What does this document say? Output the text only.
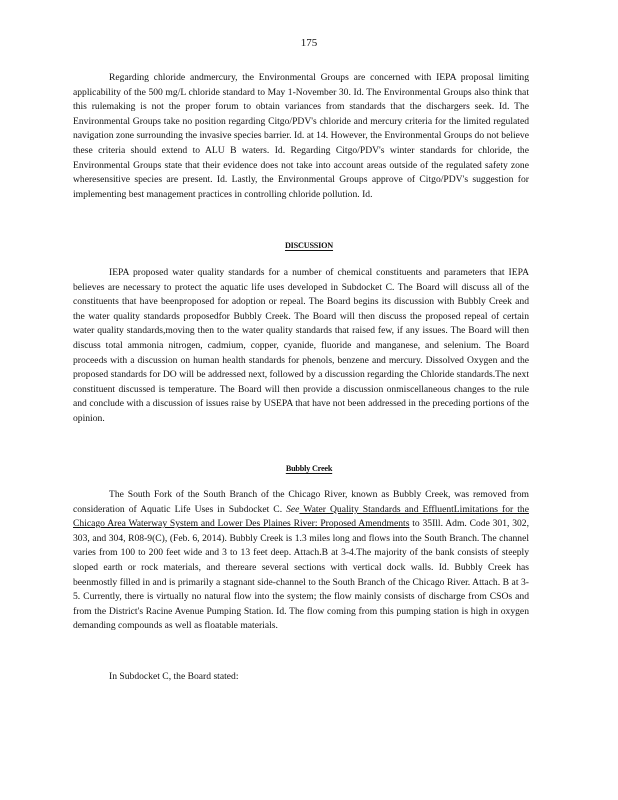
175

Regarding chloride andmercury, the Environmental Groups are concerned with IEPA proposal limiting applicability of the 500 mg/L chloride standard to May 1-November 30. Id. The Environmental Groups also think that this rulemaking is not the proper forum to obtain variances from standards that the dischargers seek. Id. The Environmental Groups take no position regarding Citgo/PDV's chloride and mercury criteria for the limited regulated navigation zone surrounding the invasive species barrier. Id. at 14. However, the Environmental Groups do not believe these criteria should extend to ALU B waters. Id. Regarding Citgo/PDV's winter standards for chloride, the Environmental Groups state that their evidence does not take into account areas outside of the regulated safety zone wheresensitive species are present. Id. Lastly, the Environmental Groups approve of Citgo/PDV's suggestion for implementing best management practices in controlling chloride pollution. Id.

DISCUSSION

IEPA proposed water quality standards for a number of chemical constituents and parameters that IEPA believes are necessary to protect the aquatic life uses developed in Subdocket C. The Board will discuss all of the constituents that have beenproposed for adoption or repeal. The Board begins its discussion with Bubbly Creek and the water quality standards proposedfor Bubbly Creek. The Board will then discuss the proposed repeal of certain water quality standards,moving then to the water quality standards that raised few, if any issues. The Board will then discuss total ammonia nitrogen, cadmium, copper, cyanide, fluoride and manganese, and selenium. The Board proceeds with a discussion on human health standards for phenols, benzene and mercury. Dissolved Oxygen and the proposed standards for DO will be addressed next, followed by a discussion regarding the Chloride standards.The next constituent discussed is temperature. The Board will then provide a discussion onmiscellaneous changes to the rule and conclude with a discussion of issues raise by USEPA that have not been addressed in the preceding portions of the opinion.

Bubbly Creek

The South Fork of the South Branch of the Chicago River, known as Bubbly Creek, was removed from consideration of Aquatic Life Uses in Subdocket C. See Water Quality Standards and EffluentLimitations for the Chicago Area Waterway System and Lower Des Plaines River: Proposed Amendments to 35Ill. Adm. Code 301, 302, 303, and 304, R08-9(C), (Feb. 6, 2014). Bubbly Creek is 1.3 miles long and flows into the South Branch. The channel varies from 100 to 200 feet wide and 3 to 13 feet deep. Attach.B at 3-4.The majority of the bank consists of steeply sloped earth or rock materials, and thereare several sections with vertical dock walls. Id. Bubbly Creek has beenmostly filled in and is primarily a stagnant side-channel to the South Branch of the Chicago River. Attach. B at 3-5. Currently, there is virtually no natural flow into the system; the flow mainly consists of discharge from CSOs and from the District's Racine Avenue Pumping Station. Id. The flow coming from this pumping station is high in oxygen demanding compounds as well as floatable materials.

In Subdocket C, the Board stated:
